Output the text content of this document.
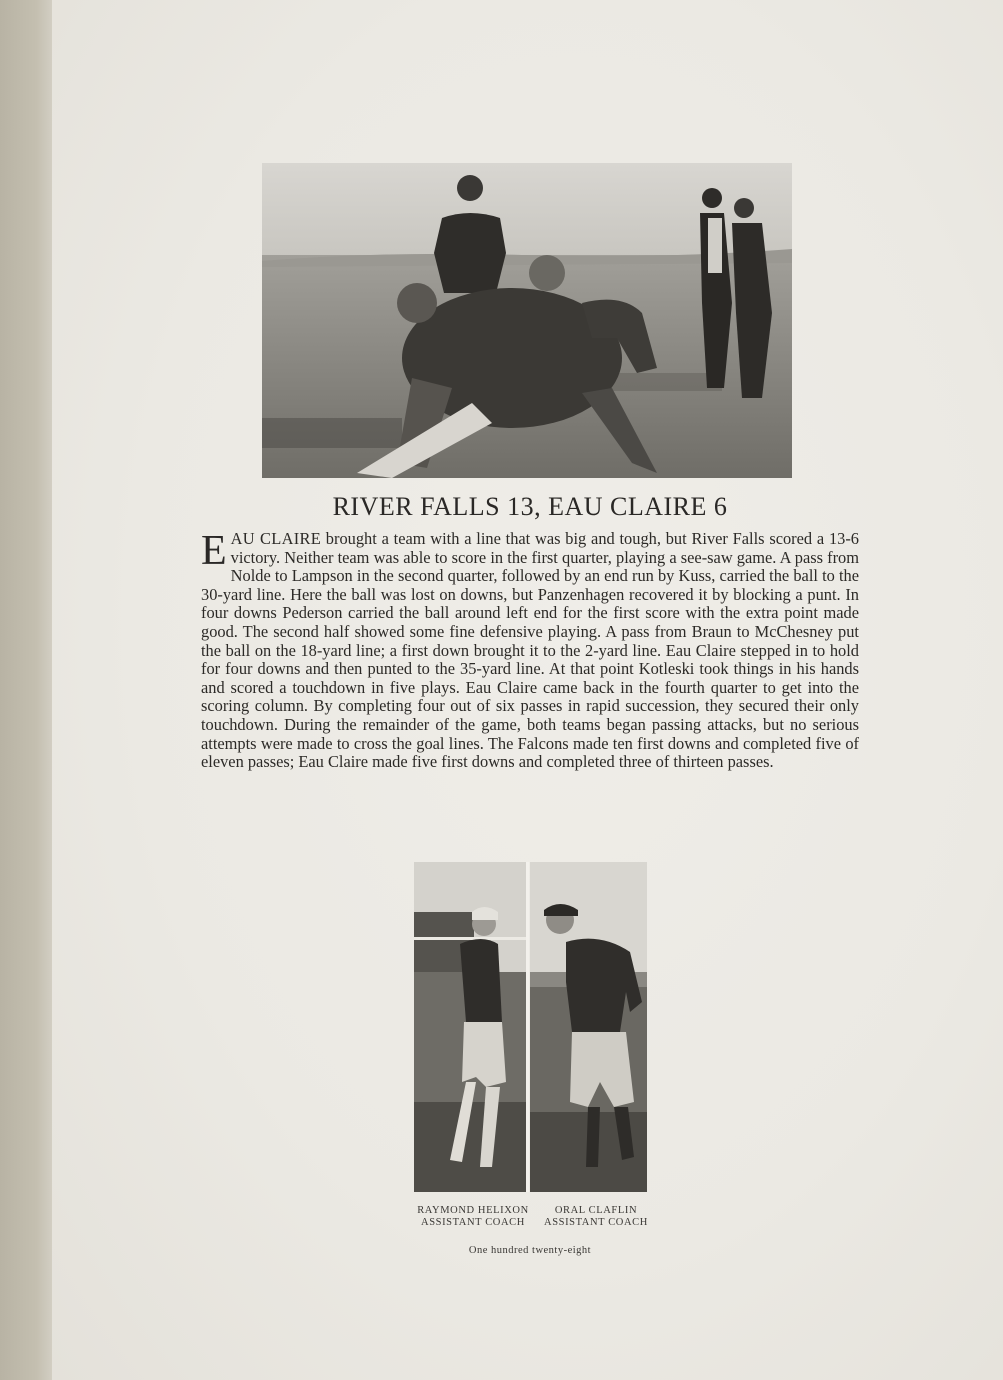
RIVER FALLS 13, EAU CLAIRE 6
EAU CLAIRE brought a team with a line that was big and tough, but River Falls scored a 13-6 victory. Neither team was able to score in the first quarter, playing a see-saw game. A pass from Nolde to Lampson in the second quarter, followed by an end run by Kuss, carried the ball to the 30-yard line. Here the ball was lost on downs, but Panzenhagen recovered it by blocking a punt. In four downs Pederson carried the ball around left end for the first score with the extra point made good. The second half showed some fine defensive playing. A pass from Braun to McChesney put the ball on the 18-yard line; a first down brought it to the 2-yard line. Eau Claire stepped in to hold for four downs and then punted to the 35-yard line. At that point Kotleski took things in his hands and scored a touchdown in five plays. Eau Claire came back in the fourth quarter to get into the scoring column. By completing four out of six passes in rapid succession, they secured their only touchdown. During the remainder of the game, both teams began passing attacks, but no serious attempts were made to cross the goal lines. The Falcons made ten first downs and completed five of eleven passes; Eau Claire made five first downs and completed three of thirteen passes.
RAYMOND HELIXON
ASSISTANT COACH
ORAL CLAFLIN
ASSISTANT COACH
One hundred twenty-eight
